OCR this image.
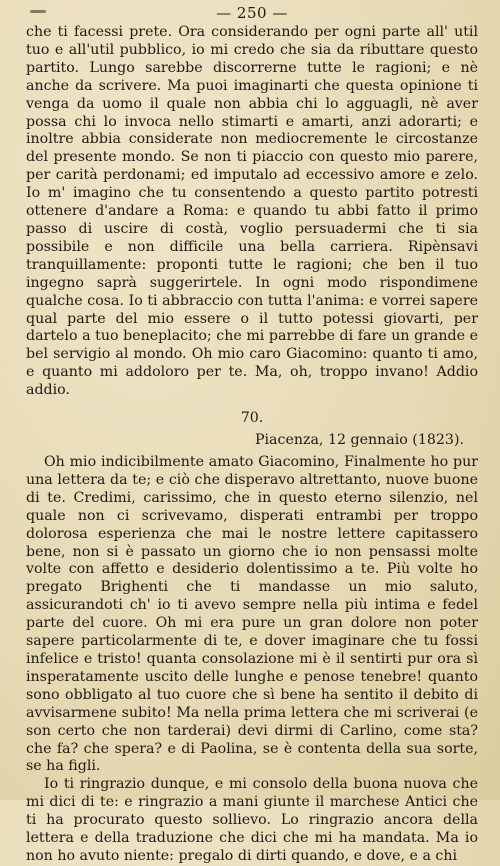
— 250 —

che ti facessi prete. Ora considerando per ogni parte all' util tuo e all'util pubblico, io mi credo che sia da ributtare questo partito. Lungo sarebbe discorrerne tutte le ragioni; e nè anche da scrivere. Ma puoi imaginarti che questa opinione ti venga da uomo il quale non abbia chi lo agguagli, nè aver possa chi lo invoca nello stimarti e amarti, anzi adorarti; e inoltre abbia considerate non mediocremente le circostanze del presente mondo. Se non ti piaccio con questo mio parere, per carità perdonami; ed imputalo ad eccessivo amore e zelo. Io m' imagino che tu consentendo a questo partito potresti ottenere d'andare a Roma: e quando tu abbi fatto il primo passo di uscire di costà, voglio persuadermi che ti sia possibile e non difficile una bella carriera. Ripènsavi tranquillamente: proponti tutte le ragioni; che ben il tuo ingegno saprà suggerirtele. In ogni modo rispondimene qualche cosa. Io ti abbraccio con tutta l'anima: e vorrei sapere qual parte del mio essere o il tutto potessi giovarti, per dartelo a tuo beneplacito; che mi parrebbe di fare un grande e bel servigio al mondo. Oh mio caro Giacomino: quanto ti amo, e quanto mi addoloro per te. Ma, oh, troppo invano! Addio addio.

70.
Piacenza, 12 gennaio (1823).

Oh mio indicibilmente amato Giacomino, Finalmente ho pur una lettera da te; e ciò che disperavo altrettanto, nuove buone di te. Credimi, carissimo, che in questo eterno silenzio, nel quale non ci scrivevamo, disperati entrambi per troppo dolorosa esperienza che mai le nostre lettere capitassero bene, non si è passato un giorno che io non pensassi molte volte con affetto e desiderio dolentissimo a te. Più volte ho pregato Brighenti che ti mandasse un mio saluto, assicurandoti ch' io ti avevo sempre nella più intima e fedel parte del cuore. Oh mi era pure un gran dolore non poter sapere particolarmente di te, e dover imaginare che tu fossi infelice e tristo! quanta consolazione mi è il sentirti pur ora sì insperatamente uscito delle lunghe e penose tenebre! quanto sono obbligato al tuo cuore che sì bene ha sentito il debito di avvisarmene subito! Ma nella prima lettera che mi scriverai (e son certo che non tarderai) devi dirmi di Carlino, come sta? che fa? che spera? e di Paolina, se è contenta della sua sorte, se ha figli.

Io ti ringrazio dunque, e mi consolo della buona nuova che mi dici di te: e ringrazio a mani giunte il marchese Antici che ti ha procurato questo sollievo. Lo ringrazio ancora della lettera e della traduzione che dici che mi ha mandata. Ma io non ho avuto niente: pregalo di dirti quando, e dove, e a chi
